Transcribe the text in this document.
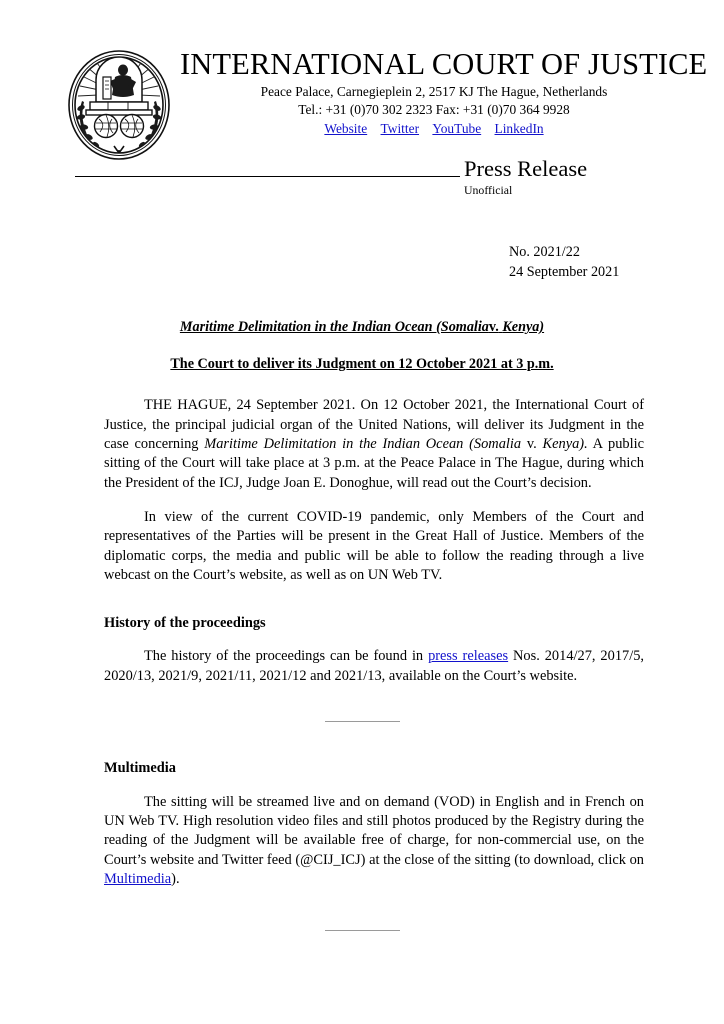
INTERNATIONAL COURT OF JUSTICE
Peace Palace, Carnegieplein 2, 2517 KJ The Hague, Netherlands
Tel.: +31 (0)70 302 2323 Fax: +31 (0)70 364 9928
Website Twitter YouTube LinkedIn
Press Release
Unofficial
No. 2021/22
24 September 2021
Maritime Delimitation in the Indian Ocean (Somaliav. Kenya)
The Court to deliver its Judgment on 12 October 2021 at 3 p.m.

THE HAGUE, 24 September 2021. On 12 October 2021, the International Court of Justice, the principal judicial organ of the United Nations, will deliver its Judgment in the case concerning Maritime Delimitation in the Indian Ocean (Somalia v. Kenya). A public sitting of the Court will take place at 3 p.m. at the Peace Palace in The Hague, during which the President of the ICJ, Judge Joan E. Donoghue, will read out the Court’s decision.

In view of the current COVID-19 pandemic, only Members of the Court and representatives of the Parties will be present in the Great Hall of Justice. Members of the diplomatic corps, the media and public will be able to follow the reading through a live webcast on the Court’s website, as well as on UN Web TV.

History of the proceedings

The history of the proceedings can be found in press releases Nos. 2014/27, 2017/5, 2020/13, 2021/9, 2021/11, 2021/12 and 2021/13, available on the Court’s website.

Multimedia

The sitting will be streamed live and on demand (VOD) in English and in French on UN Web TV. High resolution video files and still photos produced by the Registry during the reading of the Judgment will be available free of charge, for non-commercial use, on the Court’s website and Twitter feed (@CIJ_ICJ) at the close of the sitting (to download, click on Multimedia).
